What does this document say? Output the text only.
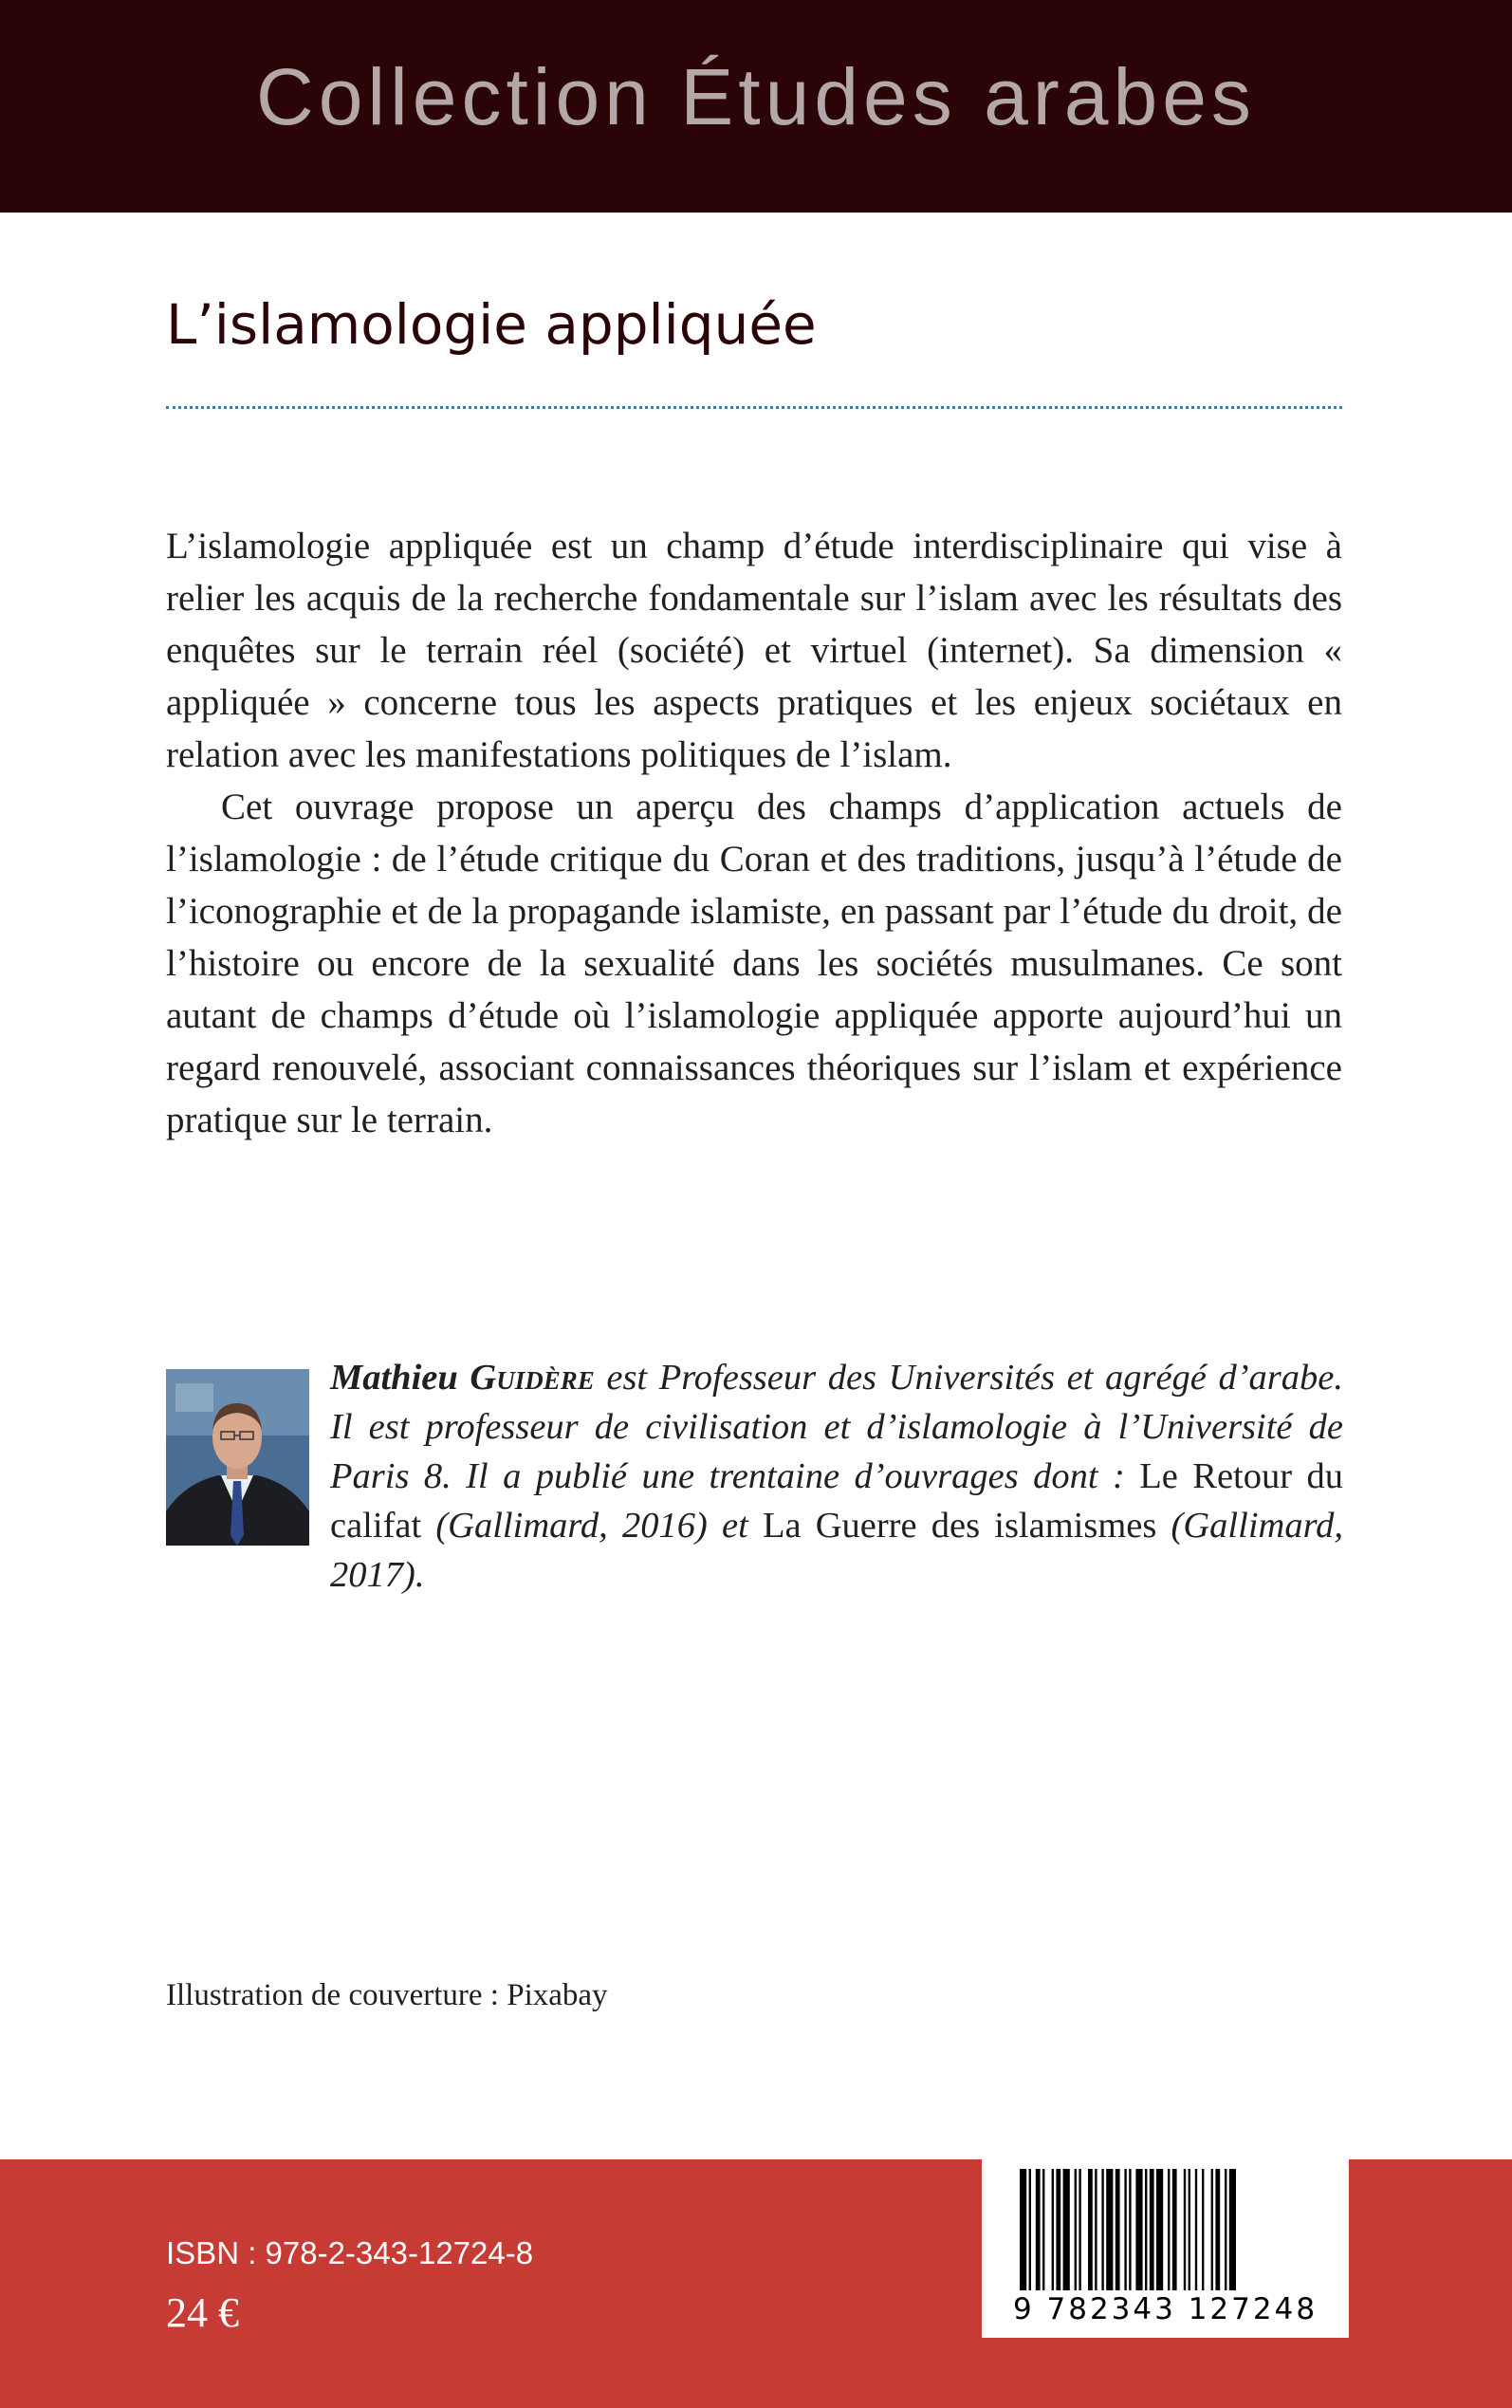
Collection Études arabes
L’islamologie appliquée

L’islamologie appliquée est un champ d’étude interdisciplinaire qui vise à relier les acquis de la recherche fondamentale sur l’islam avec les résultats des enquêtes sur le terrain réel (société) et virtuel (internet). Sa dimension « appliquée » concerne tous les aspects pratiques et les enjeux sociétaux en relation avec les manifestations politiques de l’islam.

Cet ouvrage propose un aperçu des champs d’application actuels de l’islamologie : de l’étude critique du Coran et des traditions, jusqu’à l’étude de l’iconographie et de la propagande islamiste, en passant par l’étude du droit, de l’histoire ou encore de la sexualité dans les sociétés musulmanes. Ce sont autant de champs d’étude où l’islamologie appliquée apporte aujourd’hui un regard renouvelé, associant connaissances théoriques sur l’islam et expérience pratique sur le terrain.

Mathieu Guidère est Professeur des Universités et agrégé d’arabe. Il est professeur de civilisation et d’islamologie à l’Université de Paris 8. Il a publié une trentaine d’ouvrages dont : Le Retour du califat (Gallimard, 2016) et La Guerre des islamismes (Gallimard, 2017).

Illustration de couverture : Pixabay
ISBN : 978-2-343-12724-8
24 €	9 782343 127248
